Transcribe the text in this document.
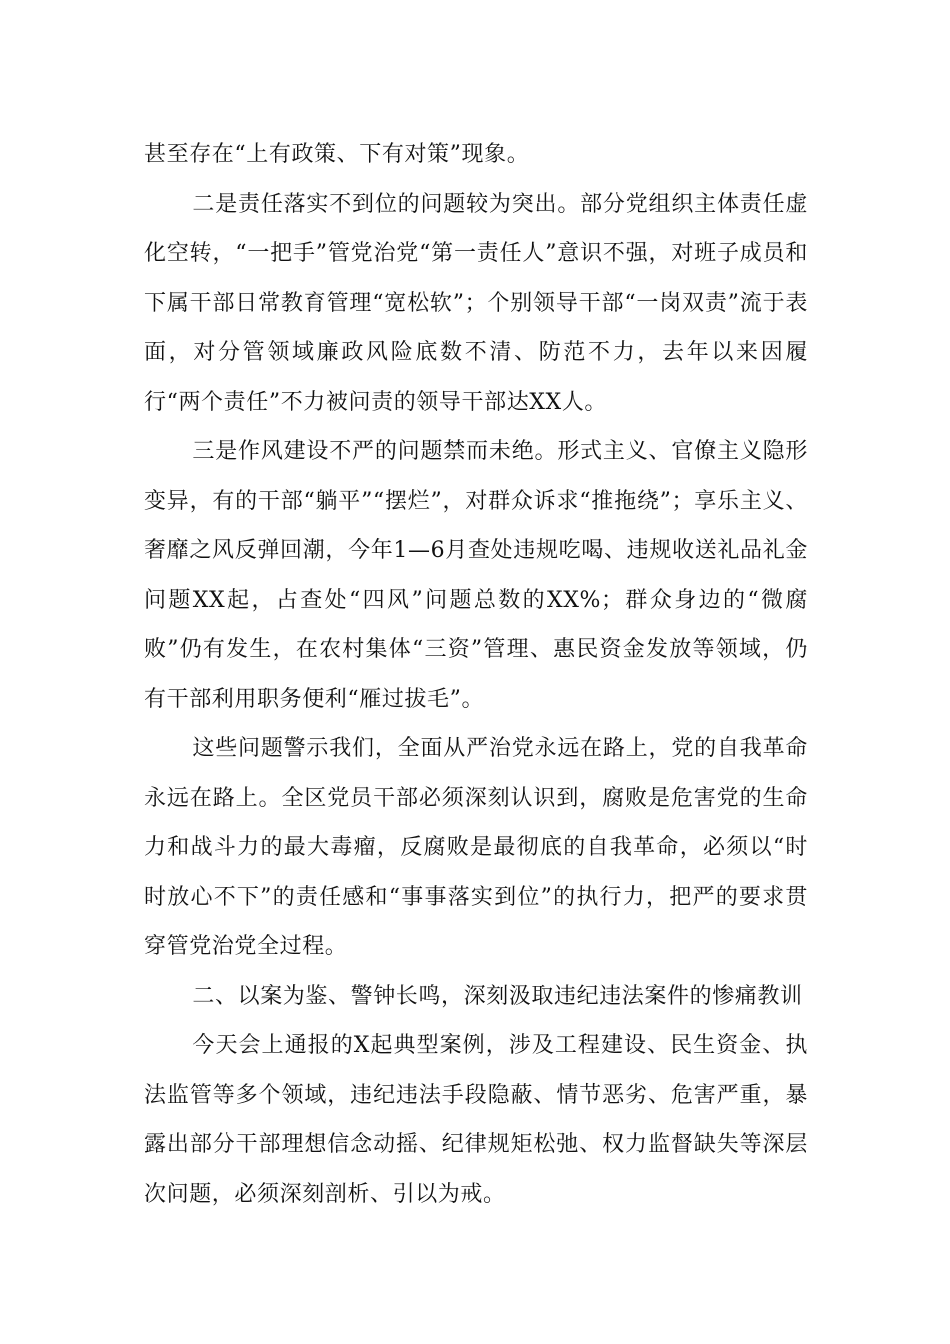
甚至存在“上有政策、下有对策”现象。

二是责任落实不到位的问题较为突出。部分党组织主体责任虚化空转，“一把手”管党治党“第一责任人”意识不强，对班子成员和下属干部日常教育管理“宽松软”；个别领导干部“一岗双责”流于表面，对分管领域廉政风险底数不清、防范不力，去年以来因履行“两个责任”不力被问责的领导干部达XX人。

三是作风建设不严的问题禁而未绝。形式主义、官僚主义隐形变异，有的干部“躺平”“摆烂”，对群众诉求“推拖绕”；享乐主义、奢靡之风反弹回潮，今年1—6月查处违规吃喝、违规收送礼品礼金问题XX起，占查处“四风”问题总数的XX%；群众身边的“微腐败”仍有发生，在农村集体“三资”管理、惠民资金发放等领域，仍有干部利用职务便利“雁过拔毛”。

这些问题警示我们，全面从严治党永远在路上，党的自我革命永远在路上。全区党员干部必须深刻认识到，腐败是危害党的生命力和战斗力的最大毒瘤，反腐败是最彻底的自我革命，必须以“时时放心不下”的责任感和“事事落实到位”的执行力，把严的要求贯穿管党治党全过程。

二、以案为鉴、警钟长鸣，深刻汲取违纪违法案件的惨痛教训

今天会上通报的X起典型案例，涉及工程建设、民生资金、执法监管等多个领域，违纪违法手段隐蔽、情节恶劣、危害严重，暴露出部分干部理想信念动摇、纪律规矩松弛、权力监督缺失等深层次问题，必须深刻剖析、引以为戒。
